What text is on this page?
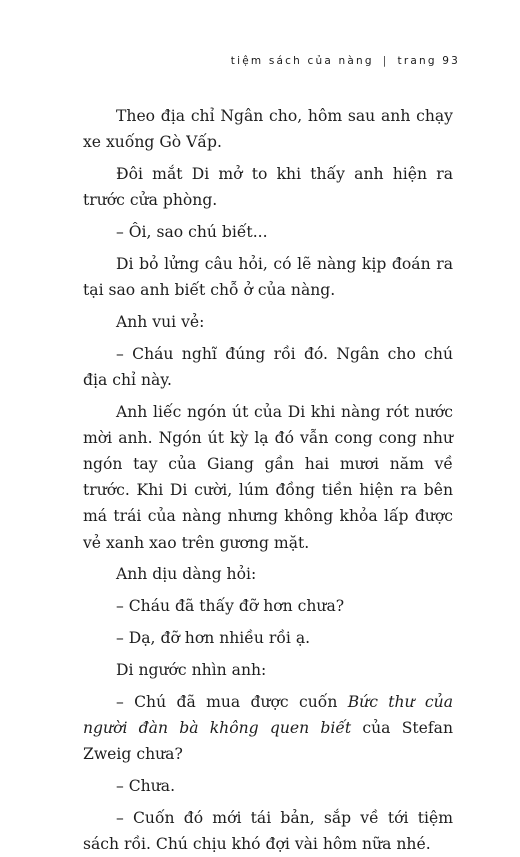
tiệm sách của nàng | trang 93

Theo địa chỉ Ngân cho, hôm sau anh chạy xe xuống Gò Vấp.

Đôi mắt Di mở to khi thấy anh hiện ra trước cửa phòng.

– Ôi, sao chú biết...

Di bỏ lửng câu hỏi, có lẽ nàng kịp đoán ra tại sao anh biết chỗ ở của nàng.

Anh vui vẻ:

– Cháu nghĩ đúng rồi đó. Ngân cho chú địa chỉ này.

Anh liếc ngón út của Di khi nàng rót nước mời anh. Ngón út kỳ lạ đó vẫn cong cong như ngón tay của Giang gần hai mươi năm về trước. Khi Di cười, lúm đồng tiền hiện ra bên má trái của nàng nhưng không khỏa lấp được vẻ xanh xao trên gương mặt.

Anh dịu dàng hỏi:

– Cháu đã thấy đỡ hơn chưa?

– Dạ, đỡ hơn nhiều rồi ạ.

Di ngước nhìn anh:

– Chú đã mua được cuốn Bức thư của người đàn bà không quen biết của Stefan Zweig chưa?

– Chưa.

– Cuốn đó mới tái bản, sắp về tới tiệm sách rồi. Chú chịu khó đợi vài hôm nữa nhé.
